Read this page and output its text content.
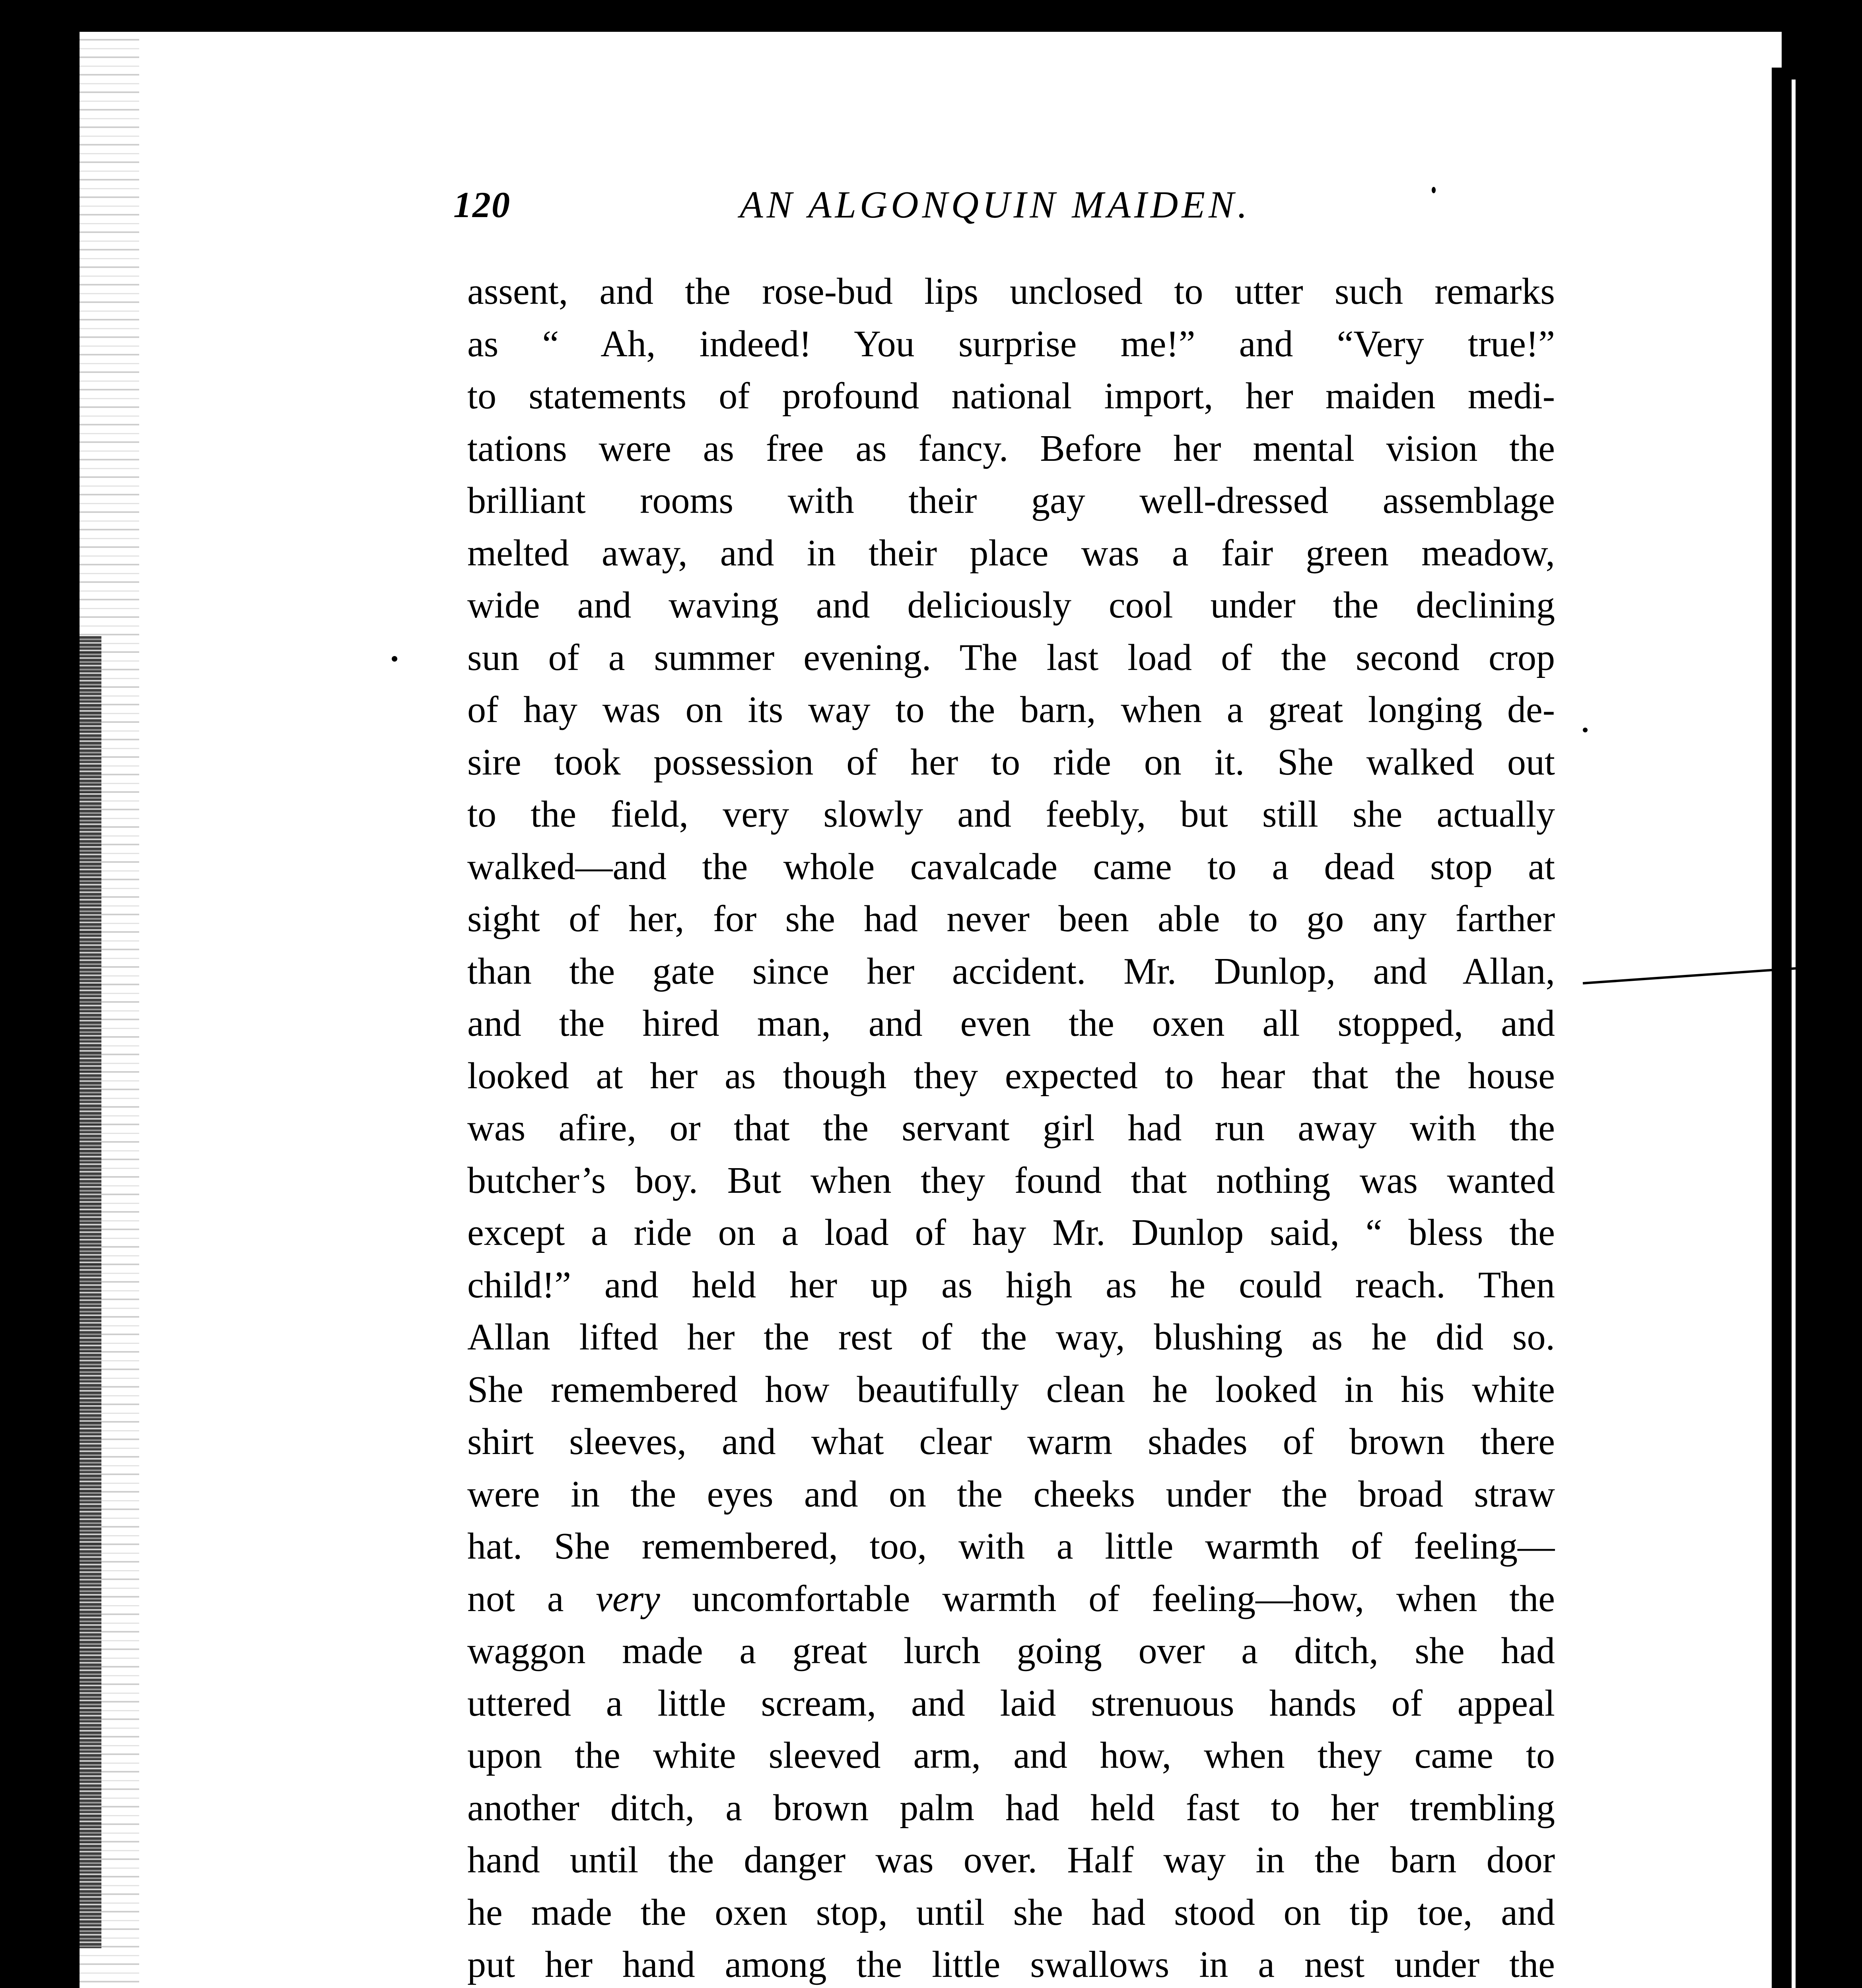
120	AN ALGONQUIN MAIDEN.
assent, and the rose-bud lips unclosed to utter such remarks
as “ Ah, indeed! You surprise me!” and “Very true!”
to statements of profound national import, her maiden medi-
tations were as free as fancy. Before her mental vision the
brilliant rooms with their gay well-dressed assemblage
melted away, and in their place was a fair green meadow,
wide and waving and deliciously cool under the declining
sun of a summer evening. The last load of the second crop
of hay was on its way to the barn, when a great longing de-
sire took possession of her to ride on it. She walked out
to the field, very slowly and feebly, but still she actually
walked—and the whole cavalcade came to a dead stop at
sight of her, for she had never been able to go any farther
than the gate since her accident. Mr. Dunlop, and Allan,
and the hired man, and even the oxen all stopped, and
looked at her as though they expected to hear that the house
was afire, or that the servant girl had run away with the
butcher’s boy. But when they found that nothing was wanted
except a ride on a load of hay Mr. Dunlop said, “ bless the
child!” and held her up as high as he could reach. Then
Allan lifted her the rest of the way, blushing as he did so.
She remembered how beautifully clean he looked in his white
shirt sleeves, and what clear warm shades of brown there
were in the eyes and on the cheeks under the broad straw
hat. She remembered, too, with a little warmth of feeling—
not a very uncomfortable warmth of feeling—how, when the
waggon made a great lurch going over a ditch, she had
uttered a little scream, and laid strenuous hands of appeal
upon the white sleeved arm, and how, when they came to
another ditch, a brown palm had held fast to her trembling
hand until the danger was over. Half way in the barn door
he made the oxen stop, until she had stood on tip toe, and
put her hand among the little swallows in a nest under the
